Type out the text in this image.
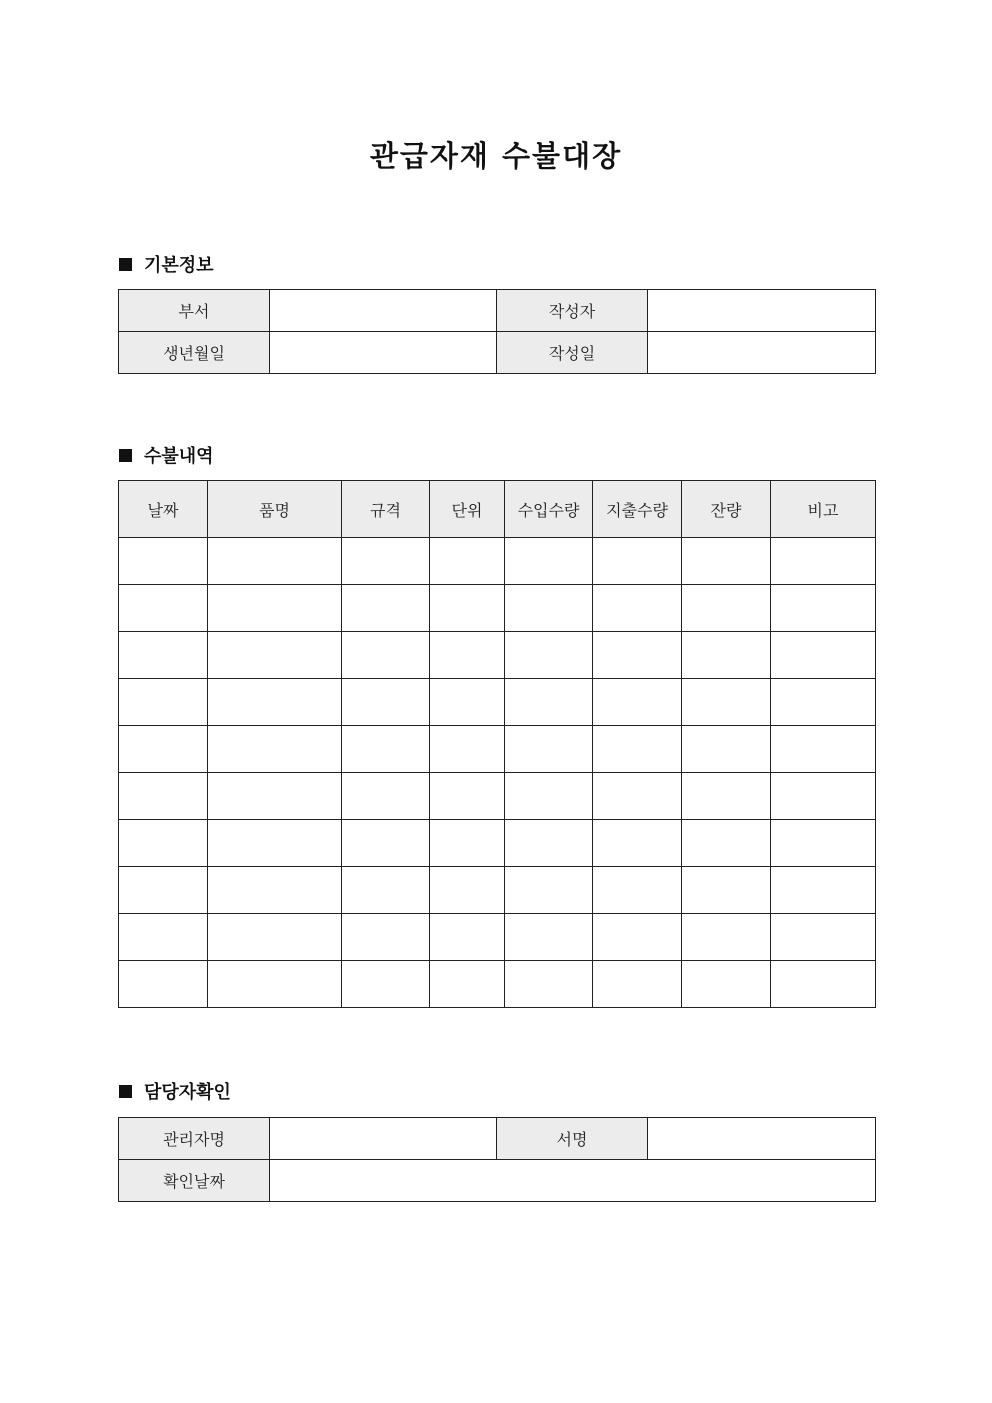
관급자재 수불대장
기본정보
부서		작성자	
생년월일		작성일	
수불내역
날짜	품명	규격	단위	수입수량	지출수량	잔량	비고

담당자확인
관리자명		서명	
확인날짜			
